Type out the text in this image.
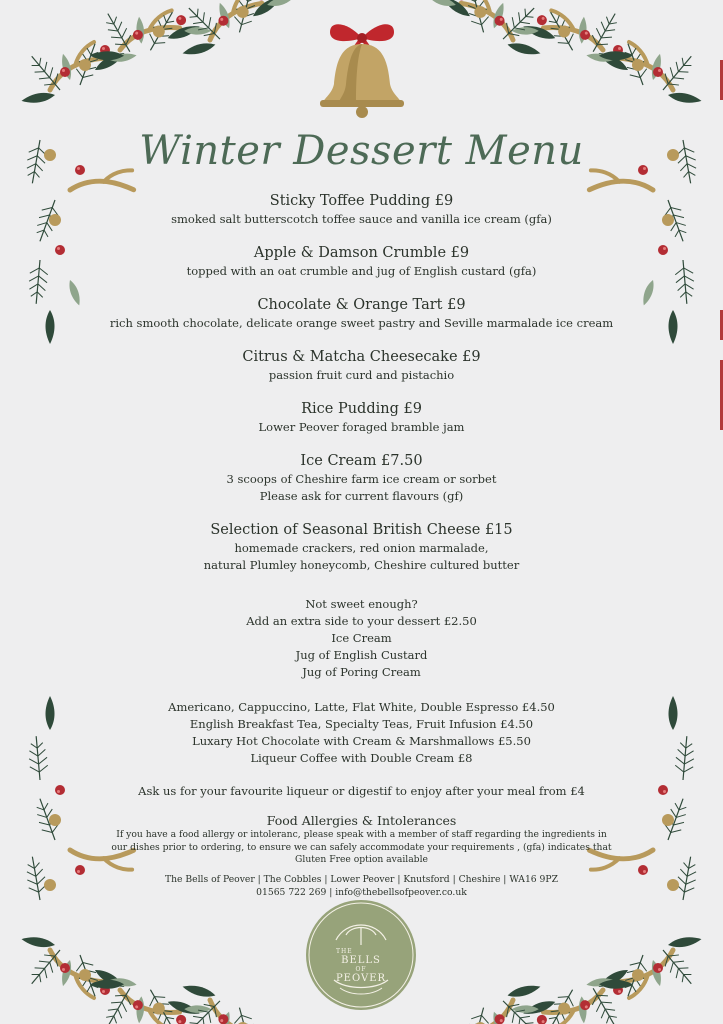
Winter Dessert Menu
Sticky Toffee Pudding £9
smoked salt butterscotch toffee sauce and vanilla ice cream (gfa)
Apple & Damson Crumble £9
topped with an oat crumble and jug of English custard (gfa)
Chocolate & Orange Tart £9
rich smooth chocolate, delicate orange sweet pastry and Seville marmalade ice cream
Citrus & Matcha Cheesecake £9
passion fruit curd and pistachio
Rice Pudding £9
Lower Peover foraged bramble jam
Ice Cream £7.50
3 scoops of Cheshire farm ice cream or sorbet
Please ask for current flavours (gf)
Selection of Seasonal British Cheese £15
homemade crackers, red onion marmalade,
natural Plumley honeycomb, Cheshire cultured butter
Not sweet enough?
Add an extra side to your dessert £2.50
Ice Cream
Jug of English Custard
Jug of Poring Cream
Americano, Cappuccino, Latte, Flat White, Double Espresso £4.50
English Breakfast Tea, Specialty Teas, Fruit Infusion £4.50
Luxary Hot Chocolate with Cream & Marshmallows £5.50
Liqueur Coffee with Double Cream £8
Ask us for your favourite liqueur or digestif to enjoy after your meal from £4
Food Allergies & Intolerances
If you have a food allergy or intoleranc, please speak with a member of staff regarding the ingredients in
our dishes prior to ordering, to ensure we can safely accommodate your requirements , (gfa) indicates that
Gluten Free option available
The Bells of Peover | The Cobbles | Lower Peover | Knutsford | Cheshire | WA16 9PZ
01565 722 269 | info@thebellsofpeover.co.uk
THE
BELLS
OF
PEOVER
